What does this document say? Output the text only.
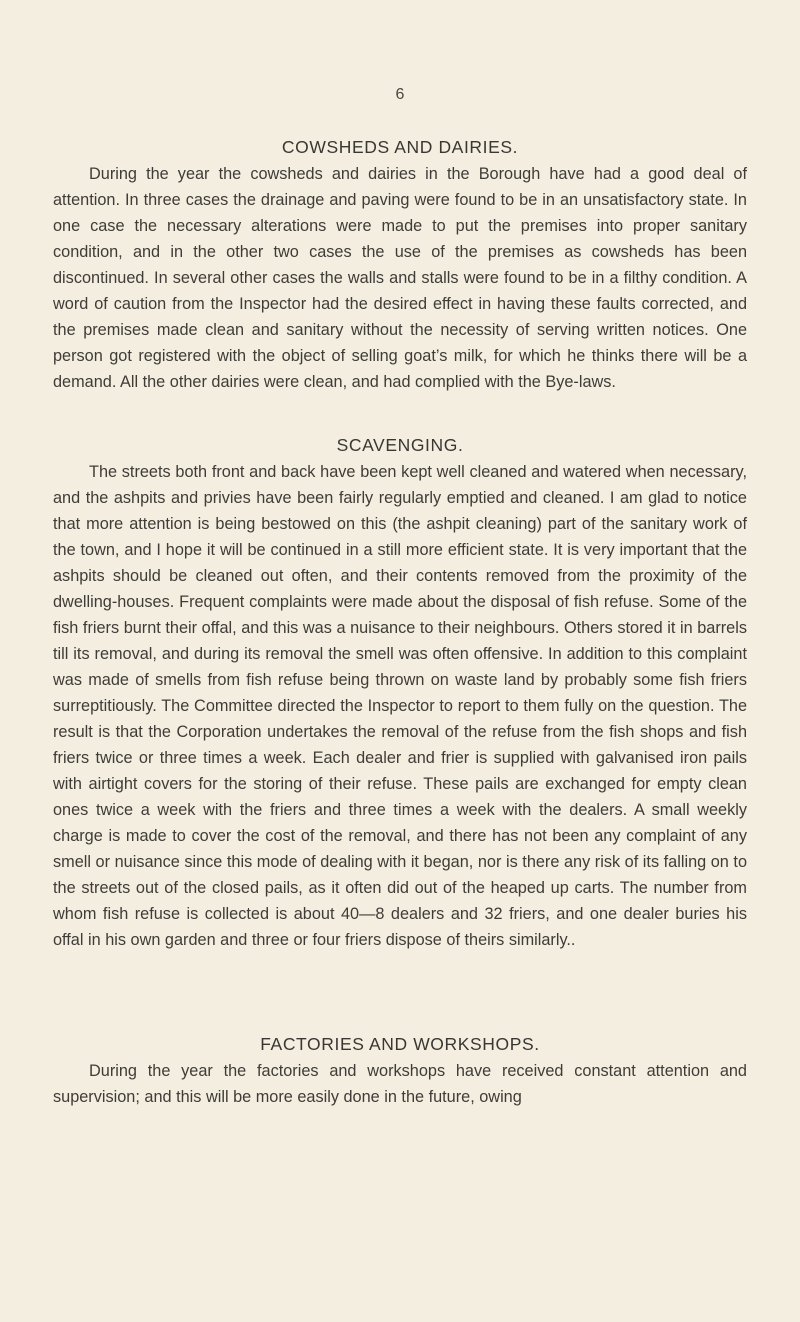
6
COWSHEDS AND DAIRIES.

During the year the cowsheds and dairies in the Borough have had a good deal of attention. In three cases the drainage and paving were found to be in an unsatisfactory state. In one case the necessary alterations were made to put the premises into proper sanitary condition, and in the other two cases the use of the premises as cowsheds has been discontinued. In several other cases the walls and stalls were found to be in a filthy condition. A word of caution from the Inspector had the desired effect in having these faults corrected, and the premises made clean and sanitary without the necessity of serving written notices. One person got registered with the object of selling goat’s milk, for which he thinks there will be a demand. All the other dairies were clean, and had complied with the Bye-laws.

SCAVENGING.

The streets both front and back have been kept well cleaned and watered when necessary, and the ashpits and privies have been fairly regularly emptied and cleaned. I am glad to notice that more attention is being bestowed on this (the ashpit cleaning) part of the sanitary work of the town, and I hope it will be continued in a still more efficient state. It is very important that the ashpits should be cleaned out often, and their contents removed from the proximity of the dwelling-houses. Frequent complaints were made about the disposal of fish refuse. Some of the fish friers burnt their offal, and this was a nuisance to their neighbours. Others stored it in barrels till its removal, and during its removal the smell was often offensive. In addition to this complaint was made of smells from fish refuse being thrown on waste land by probably some fish friers surreptitiously. The Committee directed the Inspector to report to them fully on the question. The result is that the Corporation undertakes the removal of the refuse from the fish shops and fish friers twice or three times a week. Each dealer and frier is supplied with galvanised iron pails with airtight covers for the storing of their refuse. These pails are exchanged for empty clean ones twice a week with the friers and three times a week with the dealers. A small weekly charge is made to cover the cost of the removal, and there has not been any complaint of any smell or nuisance since this mode of dealing with it began, nor is there any risk of its falling on to the streets out of the closed pails, as it often did out of the heaped up carts. The number from whom fish refuse is collected is about 40—8 dealers and 32 friers, and one dealer buries his offal in his own garden and three or four friers dispose of theirs similarly..

FACTORIES AND WORKSHOPS.

During the year the factories and workshops have received constant attention and supervision; and this will be more easily done in the future, owing
